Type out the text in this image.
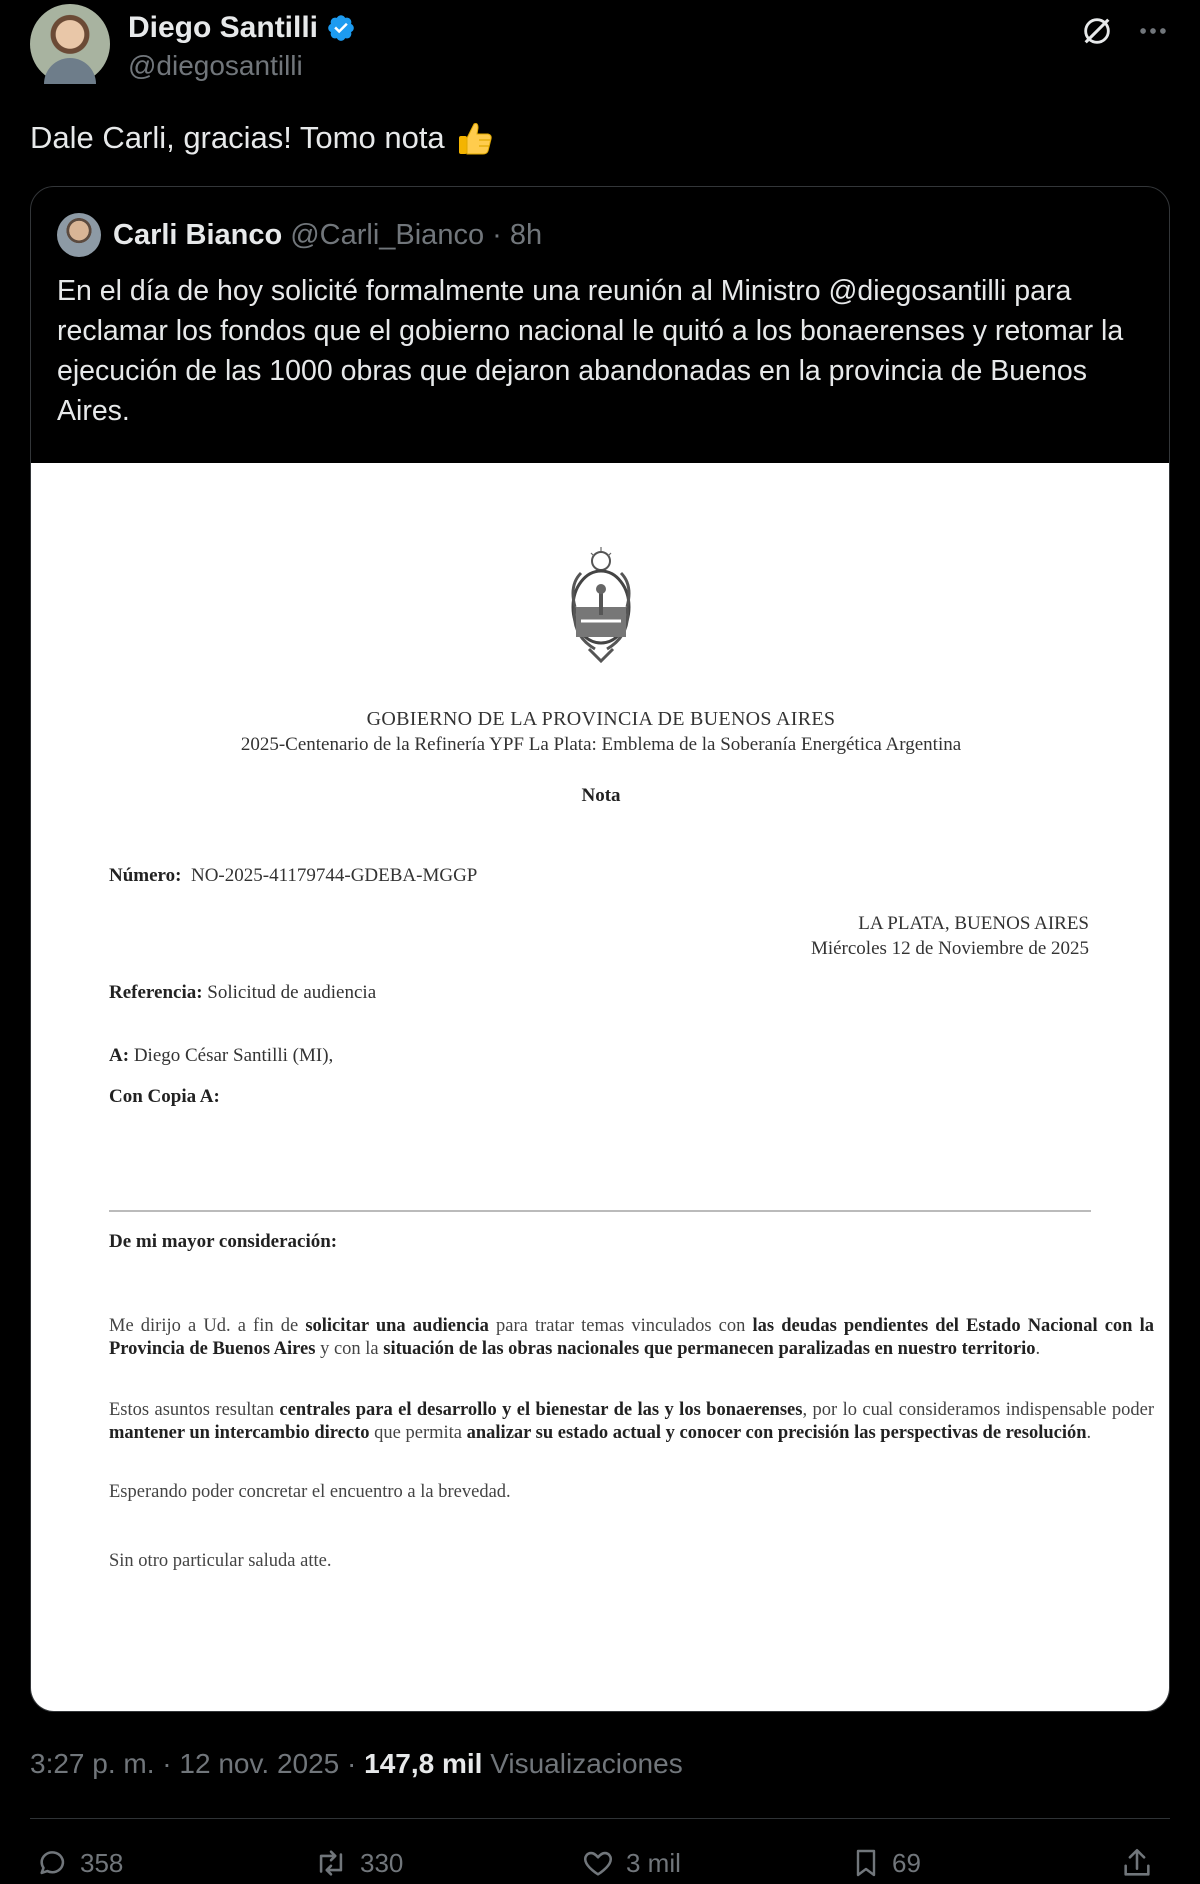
Diego Santilli
@diegosantilli
Dale Carli, gracias! Tomo nota
Carli Bianco @Carli_Bianco · 8h
En el día de hoy solicité formalmente una reunión al Ministro @diegosantilli para reclamar los fondos que el gobierno nacional le quitó a los bonaerenses y retomar la ejecución de las 1000 obras que dejaron abandonadas en la provincia de Buenos Aires.
GOBIERNO DE LA PROVINCIA DE BUENOS AIRES
2025-Centenario de la Refinería YPF La Plata: Emblema de la Soberanía Energética Argentina
Nota
Número: NO-2025-41179744-GDEBA-MGGP
LA PLATA, BUENOS AIRES
Miércoles 12 de Noviembre de 2025
Referencia: Solicitud de audiencia
A: Diego César Santilli (MI),
Con Copia A:
De mi mayor consideración:
Me dirijo a Ud. a fin de solicitar una audiencia para tratar temas vinculados con las deudas pendientes del Estado Nacional con la Provincia de Buenos Aires y con la situación de las obras nacionales que permanecen paralizadas en nuestro territorio.
Estos asuntos resultan centrales para el desarrollo y el bienestar de las y los bonaerenses, por lo cual consideramos indispensable poder mantener un intercambio directo que permita analizar su estado actual y conocer con precisión las perspectivas de resolución.
Esperando poder concretar el encuentro a la brevedad.
Sin otro particular saluda atte.
3:27 p. m. · 12 nov. 2025 · 147,8 mil Visualizaciones
358	330	3 mil	69
